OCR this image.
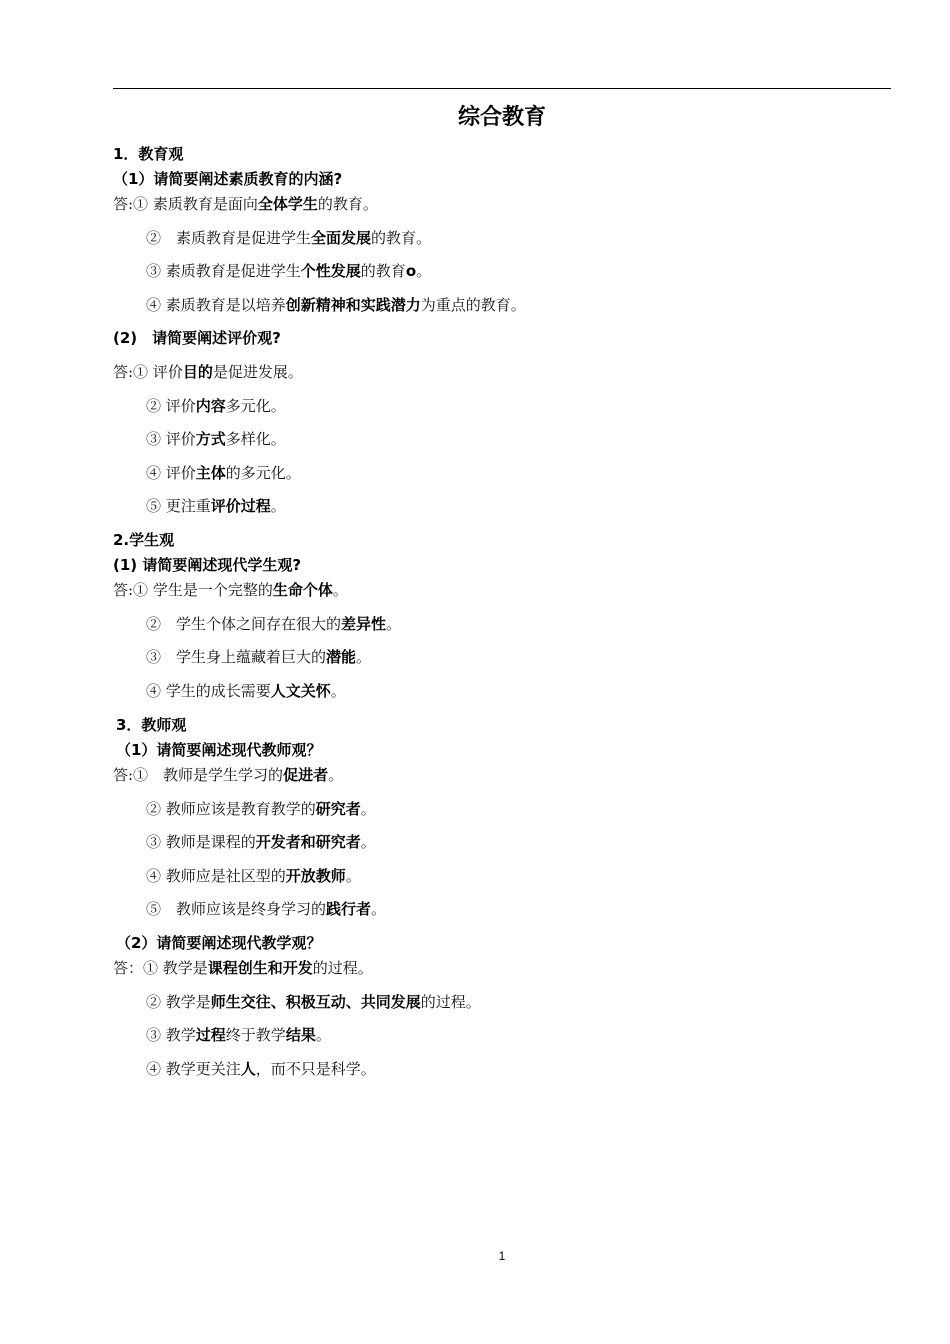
综合教育
1．教育观
（1）请简要阐述素质教育的内涵?
答:① 素质教育是面向全体学生的教育。
②　素质教育是促进学生全面发展的教育。
③ 素质教育是促进学生个性发展的教育o。
④ 素质教育是以培养创新精神和实践潜力为重点的教育。
(2)　请简要阐述评价观?
答:① 评价目的是促进发展。
② 评价内容多元化。
③ 评价方式多样化。
④ 评价主体的多元化。
⑤ 更注重评价过程。
2.学生观
(1) 请简要阐述现代学生观?
答:① 学生是一个完整的生命个体。
②　学生个体之间存在很大的差异性。
③　学生身上蕴藏着巨大的潜能。
④ 学生的成长需要人文关怀。
3．教师观
（1）请简要阐述现代教师观？
答:①　教师是学生学习的促进者。
② 教师应该是教育教学的研究者。
③ 教师是课程的开发者和研究者。
④ 教师应是社区型的开放教师。
⑤　教师应该是终身学习的践行者。
（2）请简要阐述现代教学观？
答：① 教学是课程创生和开发的过程。
② 教学是师生交往、积极互动、共同发展的过程。
③ 教学过程终于教学结果。
④ 教学更关注人，而不只是科学。
1
